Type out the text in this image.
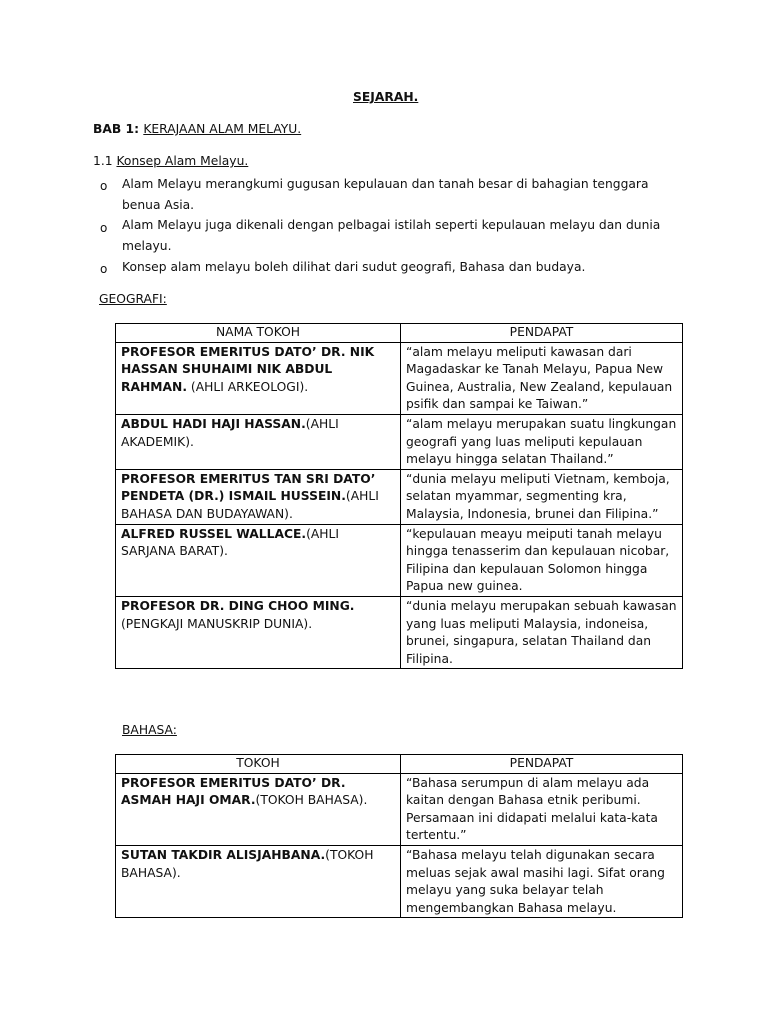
SEJARAH.
BAB 1: KERAJAAN ALAM MELAYU.
1.1 Konsep Alam Melayu.
o Alam Melayu merangkumi gugusan kepulauan dan tanah besar di bahagian tenggara benua Asia.
o Alam Melayu juga dikenali dengan pelbagai istilah seperti kepulauan melayu dan dunia melayu.
o Konsep alam melayu boleh dilihat dari sudut geografi, Bahasa dan budaya.
GEOGRAFI:
NAMA TOKOH	PENDAPAT
PROFESOR EMERITUS DATO’ DR. NIK HASSAN SHUHAIMI NIK ABDUL RAHMAN. (AHLI ARKEOLOGI).	“alam melayu meliputi kawasan dari Magadaskar ke Tanah Melayu, Papua New Guinea, Australia, New Zealand, kepulauan psifik dan sampai ke Taiwan.”
ABDUL HADI HAJI HASSAN.(AHLI AKADEMIK).	“alam melayu merupakan suatu lingkungan geografi yang luas meliputi kepulauan melayu hingga selatan Thailand.”
PROFESOR EMERITUS TAN SRI DATO’ PENDETA (DR.) ISMAIL HUSSEIN.(AHLI BAHASA DAN BUDAYAWAN).	“dunia melayu meliputi Vietnam, kemboja, selatan myammar, segmenting kra, Malaysia, Indonesia, brunei dan Filipina.”
ALFRED RUSSEL WALLACE.(AHLI SARJANA BARAT).	“kepulauan meayu meiputi tanah melayu hingga tenasserim dan kepulauan nicobar, Filipina dan kepulauan Solomon hingga Papua new guinea.
PROFESOR DR. DING CHOO MING. (PENGKAJI MANUSKRIP DUNIA).	“dunia melayu merupakan sebuah kawasan yang luas meliputi Malaysia, indoneisa, brunei, singapura, selatan Thailand dan Filipina.
BAHASA:
TOKOH	PENDAPAT
PROFESOR EMERITUS DATO’ DR. ASMAH HAJI OMAR.(TOKOH BAHASA).	“Bahasa serumpun di alam melayu ada kaitan dengan Bahasa etnik peribumi. Persamaan ini didapati melalui kata-kata tertentu.”
SUTAN TAKDIR ALISJAHBANA.(TOKOH BAHASA).	“Bahasa melayu telah digunakan secara meluas sejak awal masihi lagi. Sifat orang melayu yang suka belayar telah mengembangkan Bahasa melayu.
